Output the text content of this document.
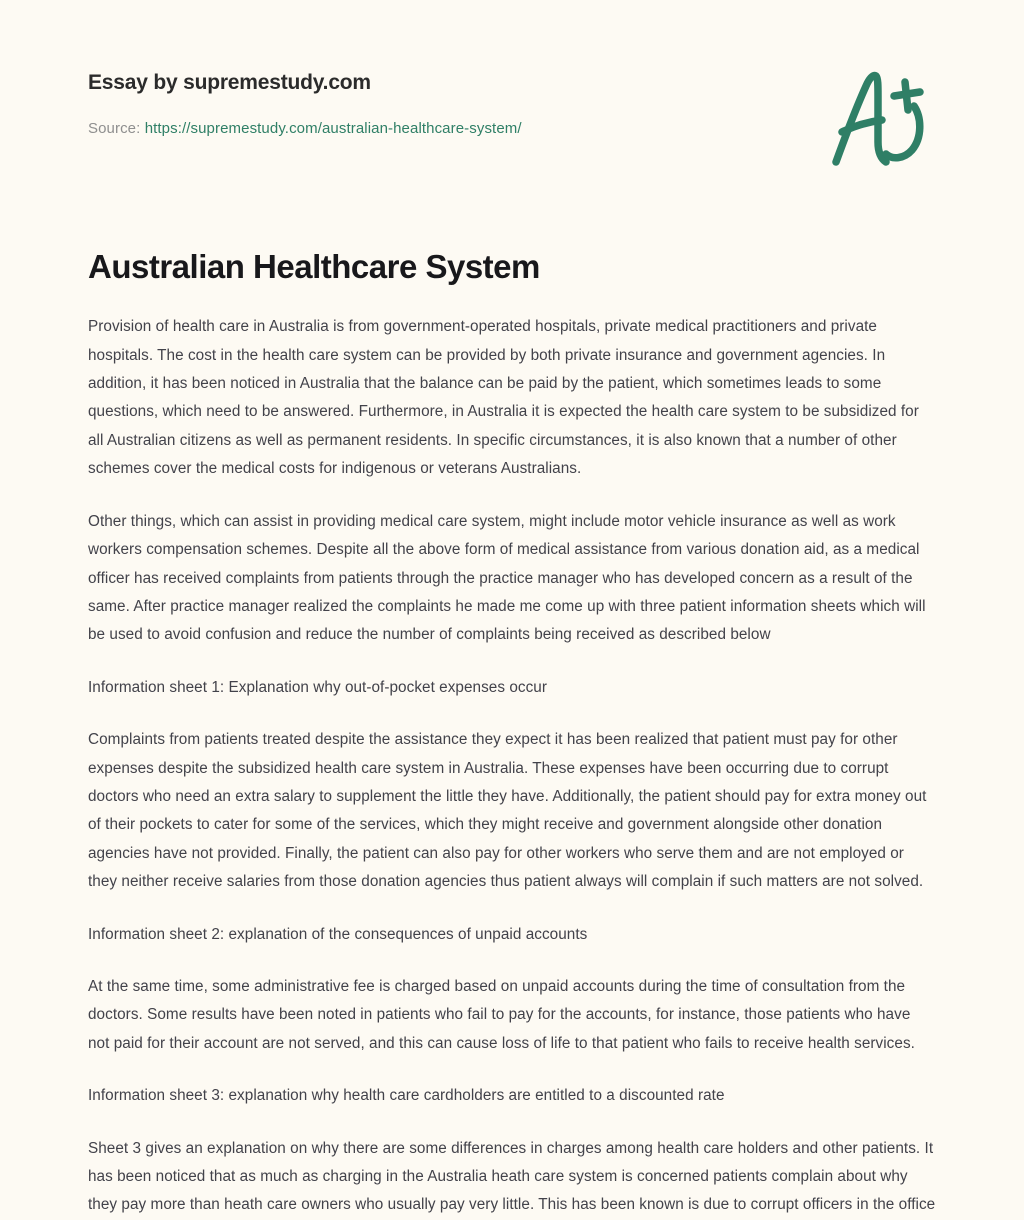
Essay by supremestudy.com

Source: https://supremestudy.com/australian-healthcare-system/

Australian Healthcare System

Provision of health care in Australia is from government-operated hospitals, private medical practitioners and private hospitals. The cost in the health care system can be provided by both private insurance and government agencies. In addition, it has been noticed in Australia that the balance can be paid by the patient, which sometimes leads to some questions, which need to be answered. Furthermore, in Australia it is expected the health care system to be subsidized for all Australian citizens as well as permanent residents. In specific circumstances, it is also known that a number of other schemes cover the medical costs for indigenous or veterans Australians.

Other things, which can assist in providing medical care system, might include motor vehicle insurance as well as work workers compensation schemes. Despite all the above form of medical assistance from various donation aid, as a medical officer has received complaints from patients through the practice manager who has developed concern as a result of the same. After practice manager realized the complaints he made me come up with three patient information sheets which will be used to avoid confusion and reduce the number of complaints being received as described below

Information sheet 1: Explanation why out-of-pocket expenses occur

Complaints from patients treated despite the assistance they expect it has been realized that patient must pay for other expenses despite the subsidized health care system in Australia. These expenses have been occurring due to corrupt doctors who need an extra salary to supplement the little they have. Additionally, the patient should pay for extra money out of their pockets to cater for some of the services, which they might receive and government alongside other donation agencies have not provided. Finally, the patient can also pay for other workers who serve them and are not employed or they neither receive salaries from those donation agencies thus patient always will complain if such matters are not solved.

Information sheet 2: explanation of the consequences of unpaid accounts

At the same time, some administrative fee is charged based on unpaid accounts during the time of consultation from the doctors. Some results have been noted in patients who fail to pay for the accounts, for instance, those patients who have not paid for their account are not served, and this can cause loss of life to that patient who fails to receive health services.

Information sheet 3: explanation why health care cardholders are entitled to a discounted rate

Sheet 3 gives an explanation on why there are some differences in charges among health care holders and other patients. It has been noticed that as much as charging in the Australia heath care system is concerned patients complain about why they pay more than heath care owners who usually pay very little. This has been known is due to corrupt officers in the office
